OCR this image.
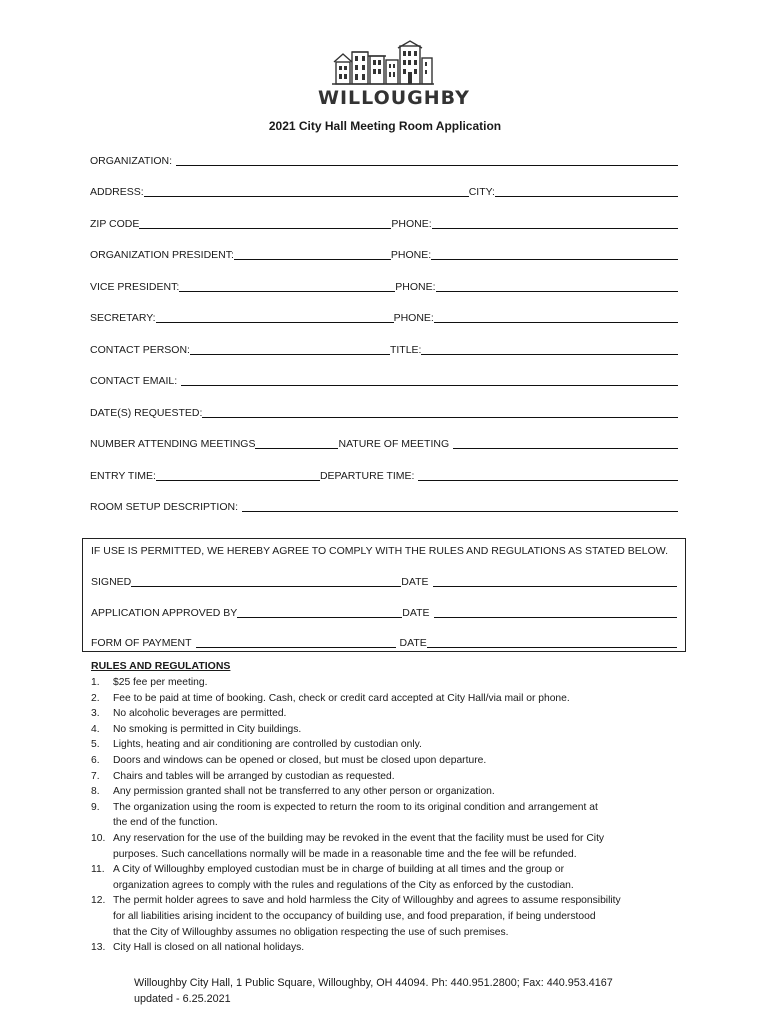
WILLOUGHBY
2021 City Hall Meeting Room Application
ORGANIZATION:
ADDRESS:	CITY:
ZIP CODE	PHONE:
ORGANIZATION PRESIDENT:	PHONE:
VICE PRESIDENT:	PHONE:
SECRETARY:	PHONE:
CONTACT PERSON:	TITLE:
CONTACT EMAIL:
DATE(S) REQUESTED:
NUMBER ATTENDING MEETINGS	NATURE OF MEETING
ENTRY TIME:	DEPARTURE TIME:
ROOM SETUP DESCRIPTION:
IF USE IS PERMITTED, WE HEREBY AGREE TO COMPLY WITH THE RULES AND REGULATIONS AS STATED BELOW.
SIGNED	DATE
APPLICATION APPROVED BY	DATE
FORM OF PAYMENT	DATE
RULES AND REGULATIONS
1.	$25 fee per meeting.
2.	Fee to be paid at time of booking. Cash, check or credit card accepted at City Hall/via mail or phone.
3.	No alcoholic beverages are permitted.
4.	No smoking is permitted in City buildings.
5.	Lights, heating and air conditioning are controlled by custodian only.
6.	Doors and windows can be opened or closed, but must be closed upon departure.
7.	Chairs and tables will be arranged by custodian as requested.
8.	Any permission granted shall not be transferred to any other person or organization.
9.	The organization using the room is expected to return the room to its original condition and arrangement at
the end of the function.
10. Any reservation for the use of the building may be revoked in the event that the facility must be used for City
purposes. Such cancellations normally will be made in a reasonable time and the fee will be refunded.
11. A City of Willoughby employed custodian must be in charge of building at all times and the group or
organization agrees to comply with the rules and regulations of the City as enforced by the custodian.
12. The permit holder agrees to save and hold harmless the City of Willoughby and agrees to assume responsibility
for all liabilities arising incident to the occupancy of building use, and food preparation, if being understood
that the City of Willoughby assumes no obligation respecting the use of such premises.
13. City Hall is closed on all national holidays.
Willoughby City Hall, 1 Public Square, Willoughby, OH 44094. Ph: 440.951.2800; Fax: 440.953.4167
updated - 6.25.2021
